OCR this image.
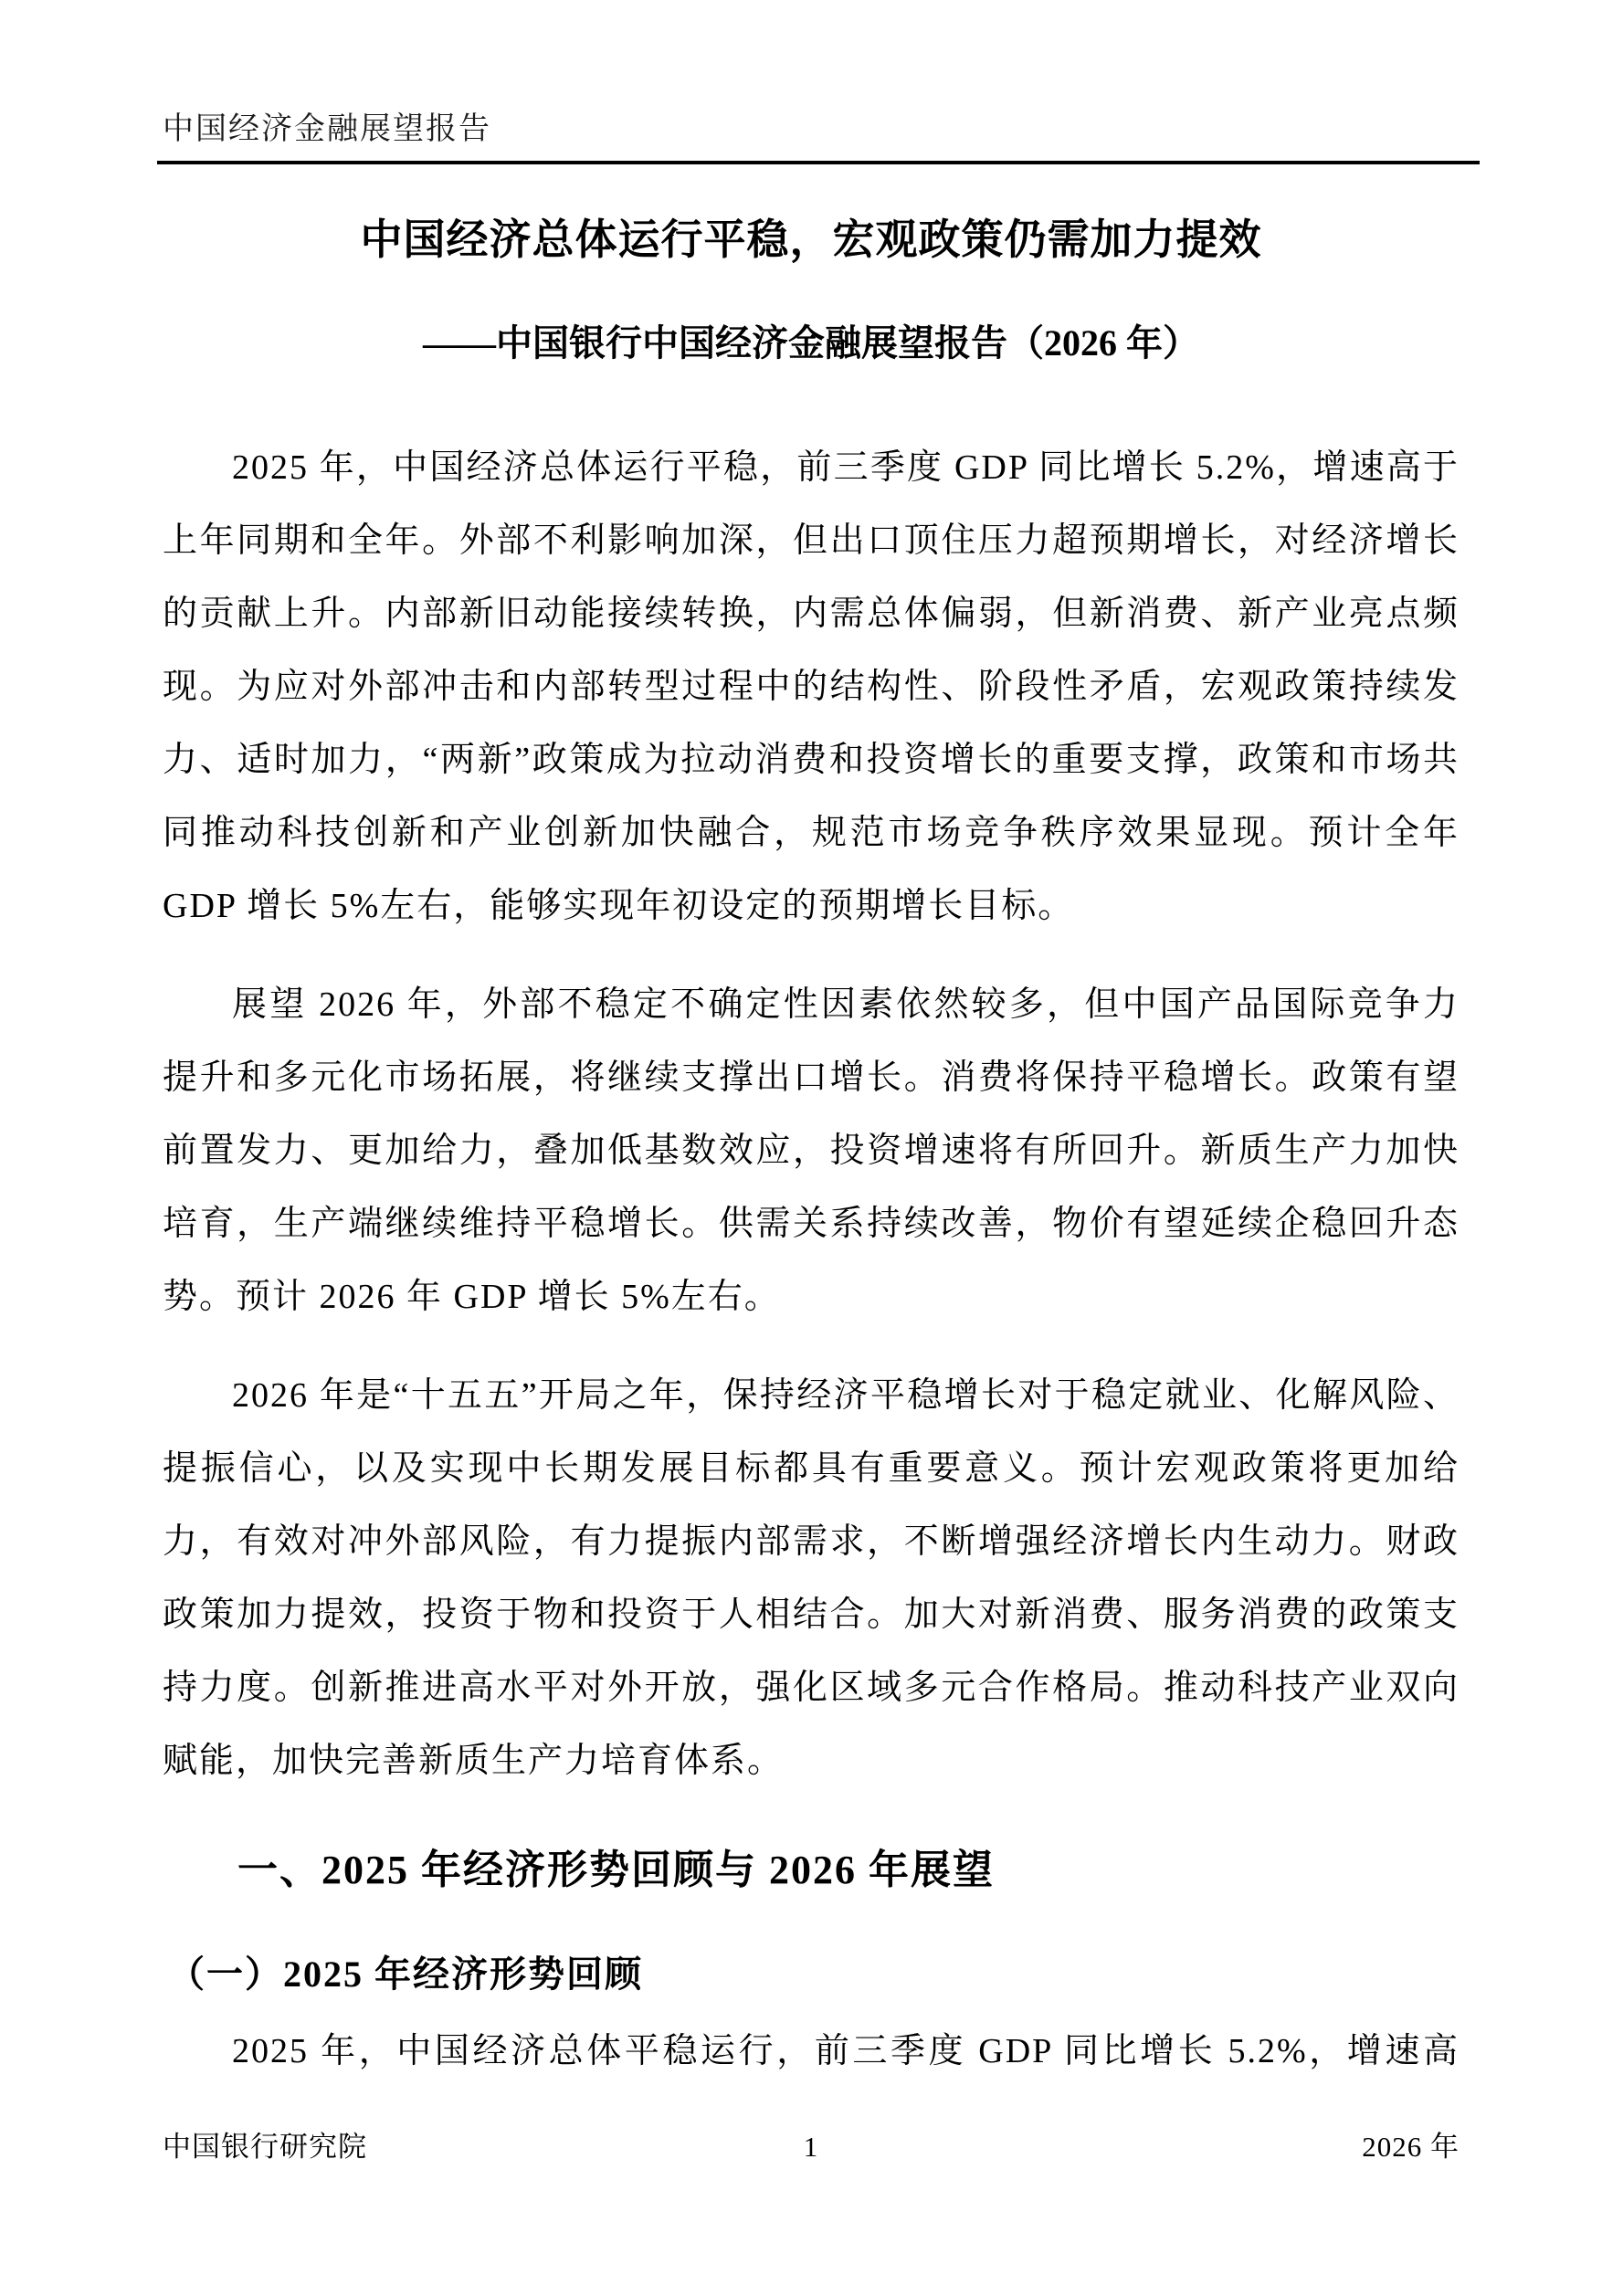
中国经济金融展望报告
中国经济总体运行平稳，宏观政策仍需加力提效
——中国银行中国经济金融展望报告（2026 年）

2025 年，中国经济总体运行平稳，前三季度 GDP 同比增长 5.2%，增速高于上年同期和全年。外部不利影响加深，但出口顶住压力超预期增长，对经济增长的贡献上升。内部新旧动能接续转换，内需总体偏弱，但新消费、新产业亮点频现。为应对外部冲击和内部转型过程中的结构性、阶段性矛盾，宏观政策持续发力、适时加力，“两新”政策成为拉动消费和投资增长的重要支撑，政策和市场共同推动科技创新和产业创新加快融合，规范市场竞争秩序效果显现。预计全年 GDP 增长 5%左右，能够实现年初设定的预期增长目标。

展望 2026 年，外部不稳定不确定性因素依然较多，但中国产品国际竞争力提升和多元化市场拓展，将继续支撑出口增长。消费将保持平稳增长。政策有望前置发力、更加给力，叠加低基数效应，投资增速将有所回升。新质生产力加快培育，生产端继续维持平稳增长。供需关系持续改善，物价有望延续企稳回升态势。预计 2026 年 GDP 增长 5%左右。

2026 年是“十五五”开局之年，保持经济平稳增长对于稳定就业、化解风险、提振信心，以及实现中长期发展目标都具有重要意义。预计宏观政策将更加给力，有效对冲外部风险，有力提振内部需求，不断增强经济增长内生动力。财政政策加力提效，投资于物和投资于人相结合。加大对新消费、服务消费的政策支持力度。创新推进高水平对外开放，强化区域多元合作格局。推动科技产业双向赋能，加快完善新质生产力培育体系。

一、2025 年经济形势回顾与 2026 年展望
（一）2025 年经济形势回顾

2025 年，中国经济总体平稳运行，前三季度 GDP 同比增长 5.2%，增速高

中国银行研究院	1	2026 年
